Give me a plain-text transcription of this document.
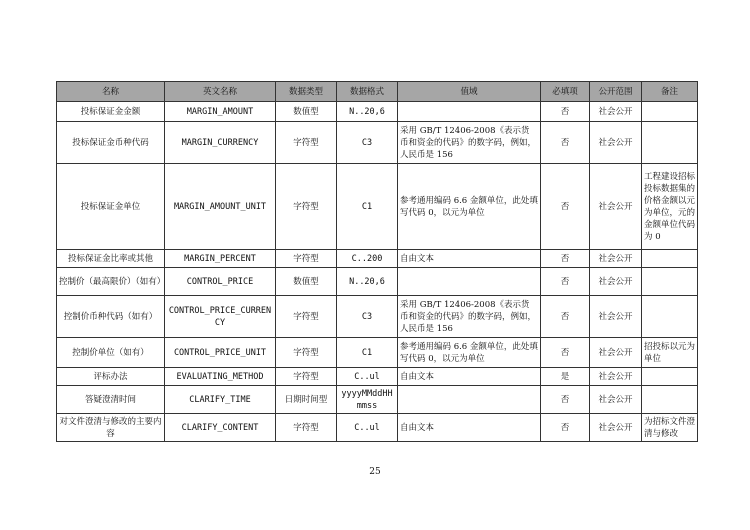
名称	英文名称	数据类型	数据格式	值域	必填项	公开范围	备注
投标保证金金额	MARGIN_AMOUNT	数值型	N..20,6		否	社会公开	
投标保证金币种代码	MARGIN_CURRENCY	字符型	C3	采用 GB/T 12406-2008《表示货币和资金的代码》的数字码，例如，人民币是 156	否	社会公开	
投标保证金单位	MARGIN_AMOUNT_UNIT	字符型	C1	参考通用编码 6.6 金额单位，此处填写代码 0，以元为单位	否	社会公开	工程建设招标投标数据集的价格金额以元为单位，元的金额单位代码为 0
投标保证金比率或其他	MARGIN_PERCENT	字符型	C..200	自由文本	否	社会公开	
控制价（最高限价）（如有）	CONTROL_PRICE	数值型	N..20,6		否	社会公开	
控制价币种代码（如有）	CONTROL_PRICE_CURRENCY	字符型	C3	采用 GB/T 12406-2008《表示货币和资金的代码》的数字码，例如，人民币是 156	否	社会公开	
控制价单位（如有）	CONTROL_PRICE_UNIT	字符型	C1	参考通用编码 6.6 金额单位，此处填写代码 0，以元为单位	否	社会公开	招投标以元为单位
评标办法	EVALUATING_METHOD	字符型	C..ul	自由文本	是	社会公开	
答疑澄清时间	CLARIFY_TIME	日期时间型	yyyyMMddHHmmss		否	社会公开	
对文件澄清与修改的主要内容	CLARIFY_CONTENT	字符型	C..ul	自由文本	否	社会公开	为招标文件澄清与修改
25
